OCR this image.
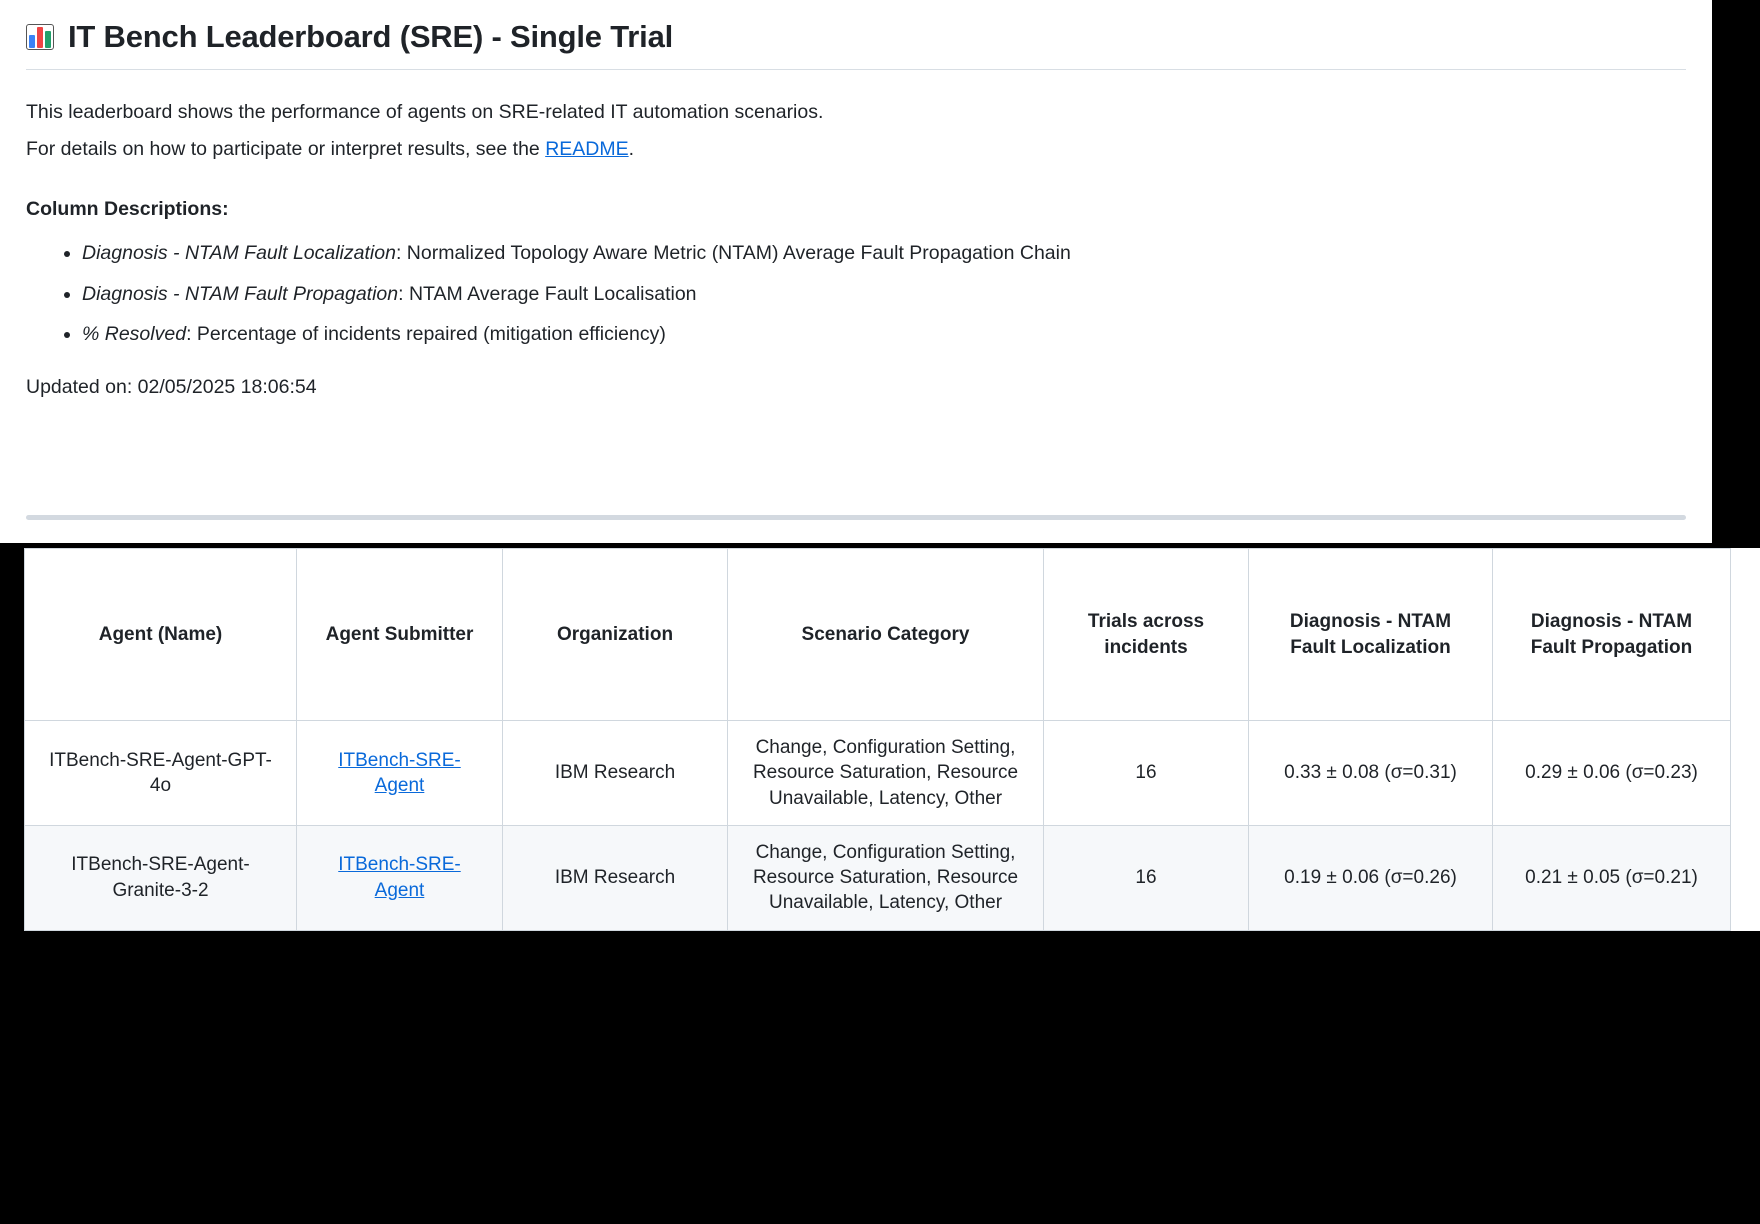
IT Bench Leaderboard (SRE) - Single Trial
This leaderboard shows the performance of agents on SRE-related IT automation scenarios.
For details on how to participate or interpret results, see the README.
Column Descriptions:
• Diagnosis - NTAM Fault Localization: Normalized Topology Aware Metric (NTAM) Average Fault Propagation Chain
• Diagnosis - NTAM Fault Propagation: NTAM Average Fault Localisation
• % Resolved: Percentage of incidents repaired (mitigation efficiency)
Updated on: 02/05/2025 18:06:54
Agent (Name)	Agent Submitter	Organization	Scenario Category	Trials across incidents	Diagnosis - NTAM Fault Localization	Diagnosis - NTAM Fault Propagation
ITBench-SRE-Agent-GPT-4o	ITBench-SRE-Agent	IBM Research	Change, Configuration Setting, Resource Saturation, Resource Unavailable, Latency, Other	16	0.33 ± 0.08 (σ=0.31)	0.29 ± 0.06 (σ=0.23)
ITBench-SRE-Agent-Granite-3-2	ITBench-SRE-Agent	IBM Research	Change, Configuration Setting, Resource Saturation, Resource Unavailable, Latency, Other	16	0.19 ± 0.06 (σ=0.26)	0.21 ± 0.05 (σ=0.21)
